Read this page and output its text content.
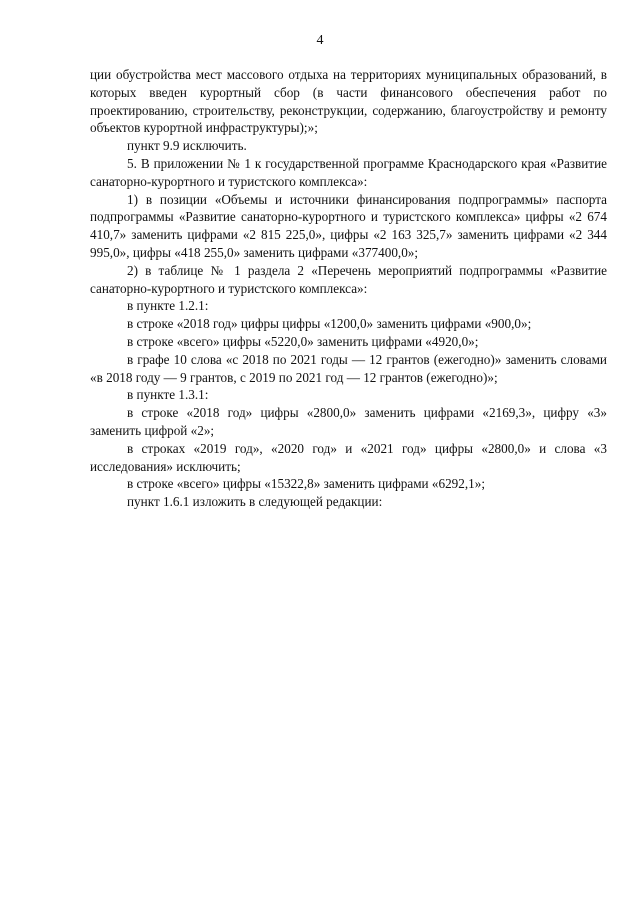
4

ции обустройства мест массового отдыха на территориях муниципальных образований, в которых введен курортный сбор (в части финансового обеспечения работ по проектированию, строительству, реконструкции, содержанию, благоустройству и ремонту объектов курортной инфраструктуры);»;

пункт 9.9 исключить.

5. В приложении № 1 к государственной программе Краснодарского края «Развитие санаторно-курортного и туристского комплекса»:

1) в позиции «Объемы и источники финансирования подпрограммы» паспорта подпрограммы «Развитие санаторно-курортного и туристского комплекса» цифры «2 674 410,7» заменить цифрами «2 815 225,0», цифры «2 163 325,7» заменить цифрами «2 344 995,0», цифры «418 255,0» заменить цифрами «377400,0»;

2) в таблице № 1 раздела 2 «Перечень мероприятий подпрограммы «Развитие санаторно-курортного и туристского комплекса»:

в пункте 1.2.1:

в строке «2018 год» цифры цифры «1200,0» заменить цифрами «900,0»;

в строке «всего» цифры «5220,0» заменить цифрами «4920,0»;

в графе 10 слова «с 2018 по 2021 годы — 12 грантов (ежегодно)» заменить словами «в 2018 году — 9 грантов, с 2019 по 2021 год — 12 грантов (ежегодно)»;

в пункте 1.3.1:

в строке «2018 год» цифры «2800,0» заменить цифрами «2169,3», цифру «3» заменить цифрой «2»;

в строках «2019 год», «2020 год» и «2021 год» цифры «2800,0» и слова «3 исследования» исключить;

в строке «всего» цифры «15322,8» заменить цифрами «6292,1»;

пункт 1.6.1 изложить в следующей редакции:
